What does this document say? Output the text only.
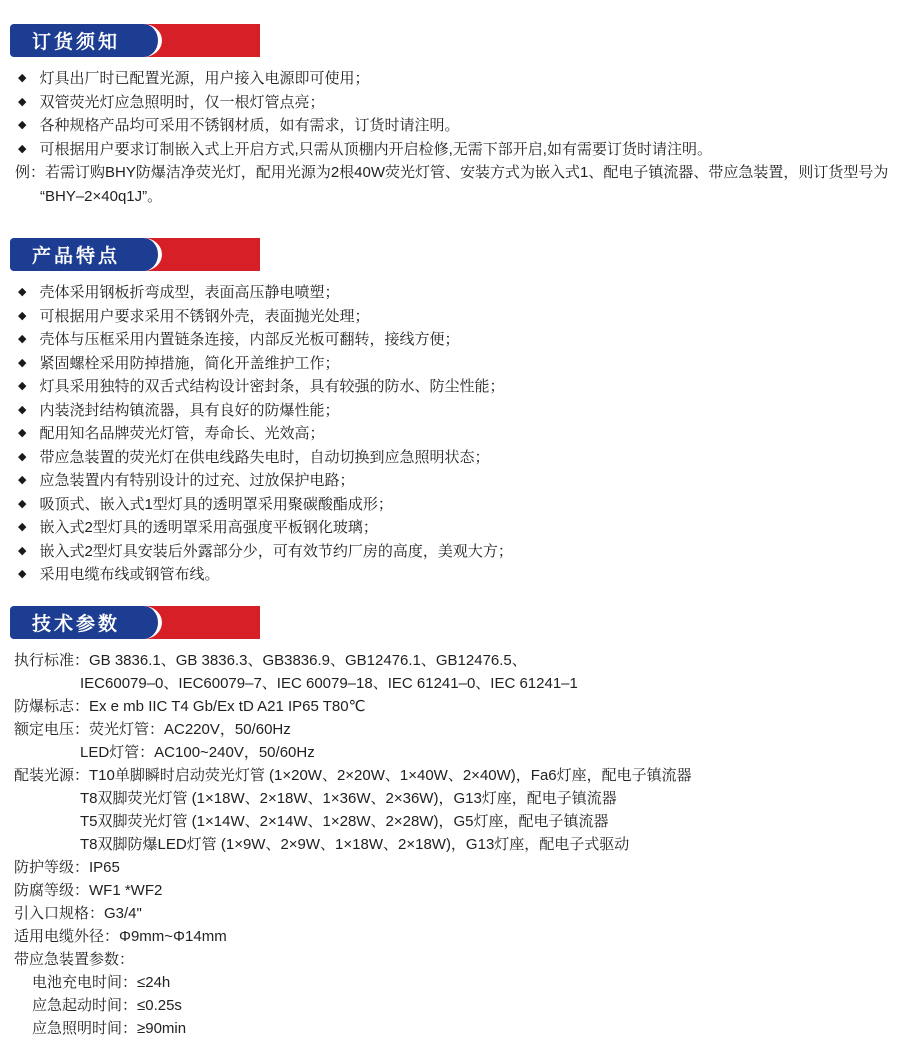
订货须知
◆ 灯具出厂时已配置光源，用户接入电源即可使用；
◆ 双管荧光灯应急照明时，仅一根灯管点亮；
◆ 各种规格产品均可采用不锈钢材质，如有需求，订货时请注明。
◆ 可根据用户要求订制嵌入式上开启方式,只需从顶棚内开启检修,无需下部开启,如有需要订货时请注明。
例：若需订购BHY防爆洁净荧光灯，配用光源为2根40W荧光灯管、安装方式为嵌入式1、配电子镇流器、带应急装置，则订货型号为
“BHY–2×40q1J”。
产品特点
◆ 壳体采用钢板折弯成型，表面高压静电喷塑；
◆ 可根据用户要求采用不锈钢外壳，表面抛光处理；
◆ 壳体与压框采用内置链条连接，内部反光板可翻转，接线方便；
◆ 紧固螺栓采用防掉措施，简化开盖维护工作；
◆ 灯具采用独特的双舌式结构设计密封条，具有较强的防水、防尘性能；
◆ 内装浇封结构镇流器，具有良好的防爆性能；
◆ 配用知名品牌荧光灯管，寿命长、光效高；
◆ 带应急装置的荧光灯在供电线路失电时，自动切换到应急照明状态；
◆ 应急装置内有特别设计的过充、过放保护电路；
◆ 吸顶式、嵌入式1型灯具的透明罩采用聚碳酸酯成形；
◆ 嵌入式2型灯具的透明罩采用高强度平板钢化玻璃；
◆ 嵌入式2型灯具安装后外露部分少，可有效节约厂房的高度，美观大方；
◆ 采用电缆布线或钢管布线。
技术参数
执行标准：GB 3836.1、GB 3836.3、GB3836.9、GB12476.1、GB12476.5、
IEC60079–0、IEC60079–7、IEC 60079–18、IEC 61241–0、IEC 61241–1
防爆标志：Ex e mb IIC T4 Gb/Ex tD A21 IP65 T80℃
额定电压：荧光灯管：AC220V，50/60Hz
LED灯管：AC100~240V，50/60Hz
配装光源：T10单脚瞬时启动荧光灯管 (1×20W、2×20W、1×40W、2×40W)，Fa6灯座，配电子镇流器
T8双脚荧光灯管 (1×18W、2×18W、1×36W、2×36W)，G13灯座，配电子镇流器
T5双脚荧光灯管 (1×14W、2×14W、1×28W、2×28W)，G5灯座，配电子镇流器
T8双脚防爆LED灯管 (1×9W、2×9W、1×18W、2×18W)，G13灯座，配电子式驱动
防护等级：IP65
防腐等级：WF1 *WF2
引入口规格：G3/4"
适用电缆外径：Φ9mm~Φ14mm
带应急装置参数：
电池充电时间：≤24h
应急起动时间：≤0.25s
应急照明时间：≥90min
